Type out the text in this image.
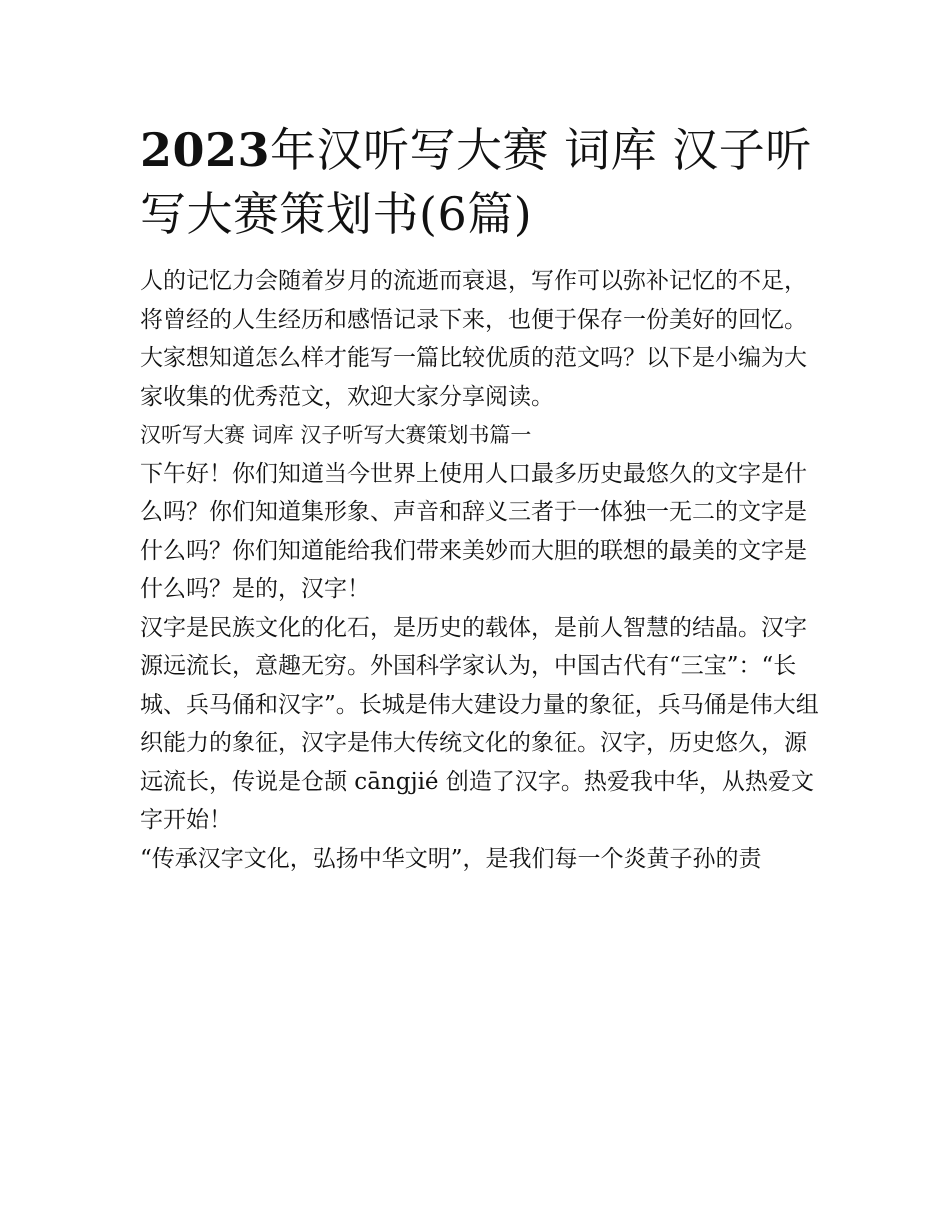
2023年汉听写大赛 词库 汉子听写大赛策划书(6篇)

人的记忆力会随着岁月的流逝而衰退，写作可以弥补记忆的不足，将曾经的人生经历和感悟记录下来，也便于保存一份美好的回忆。大家想知道怎么样才能写一篇比较优质的范文吗？以下是小编为大家收集的优秀范文，欢迎大家分享阅读。

汉听写大赛 词库 汉子听写大赛策划书篇一

下午好！你们知道当今世界上使用人口最多历史最悠久的文字是什么吗？你们知道集形象、声音和辞义三者于一体独一无二的文字是什么吗？你们知道能给我们带来美妙而大胆的联想的最美的文字是什么吗？是的，汉字！

汉字是民族文化的化石，是历史的载体，是前人智慧的结晶。汉字源远流长，意趣无穷。外国科学家认为，中国古代有“三宝”：“长城、兵马俑和汉字”。长城是伟大建设力量的象征，兵马俑是伟大组织能力的象征，汉字是伟大传统文化的象征。汉字，历史悠久，源远流长，传说是仓颉 cāngjié 创造了汉字。热爱我中华，从热爱文字开始！

“传承汉字文化，弘扬中华文明”，是我们每一个炎黄子孙的责
